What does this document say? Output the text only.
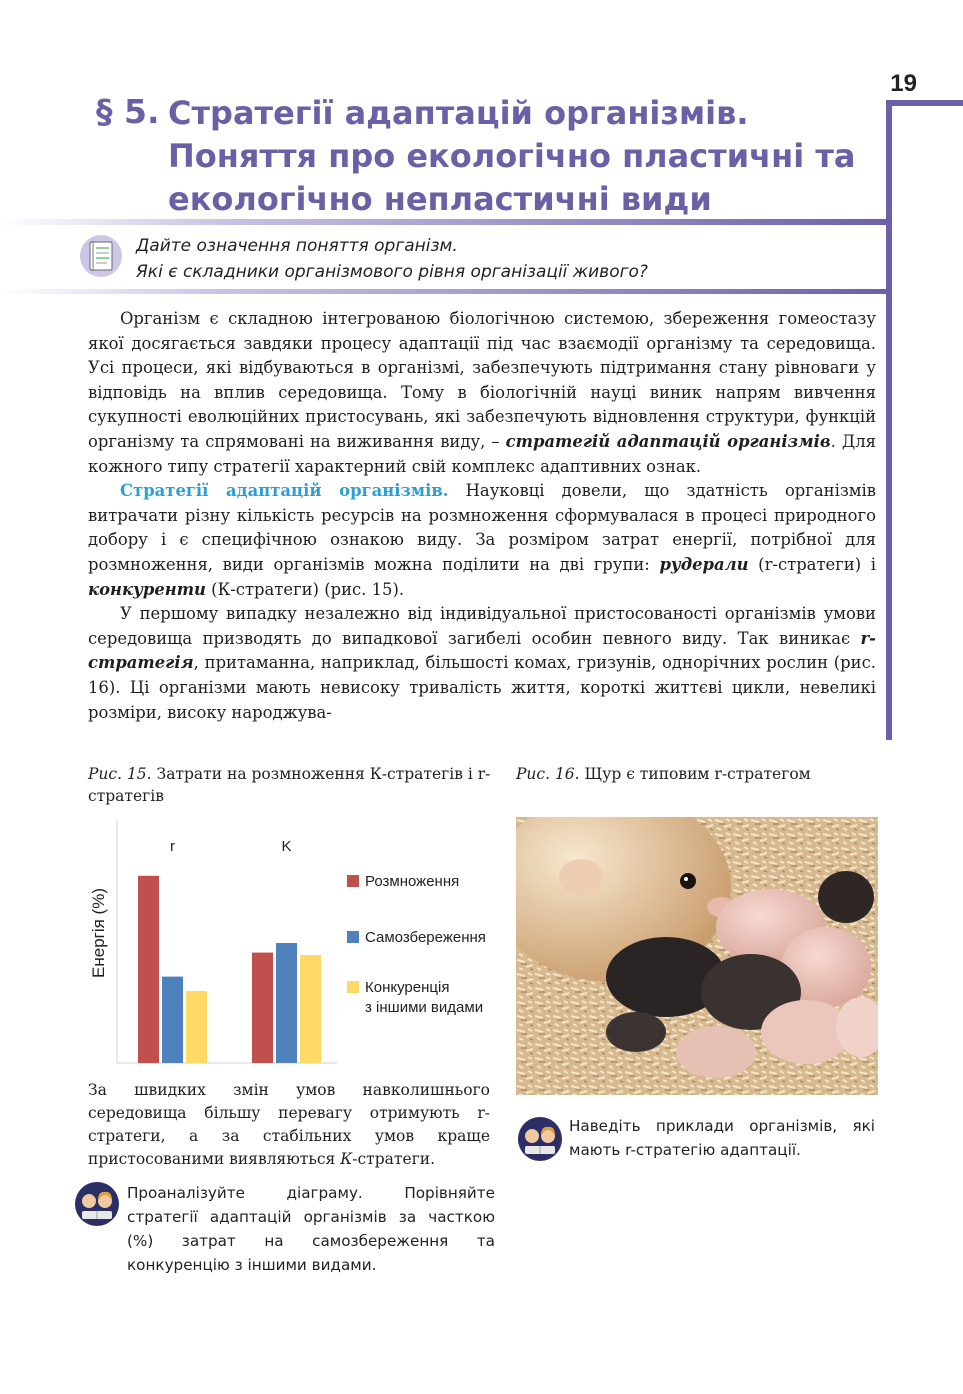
19
§ 5. Стратегії адаптацій організмів. Поняття про екологічно пластичні та екологічно непластичні види
Дайте означення поняття організм.
Які є складники організмового рівня організації живого?

Організм є складною інтегрованою біологічною системою, збереження гомеостазу якої досягається завдяки процесу адаптації під час взаємодії організму та середовища. Усі процеси, які відбуваються в організмі, забезпечують підтримання стану рівноваги у відповідь на вплив середовища. Тому в біологічній науці виник напрям вивчення сукупності еволюційних пристосувань, які забезпечують відновлення структури, функцій організму та спрямовані на виживання виду, – стратегій адаптацій організмів. Для кожного типу стратегії характерний свій комплекс адаптивних ознак.

Стратегії адаптацій організмів. Науковці довели, що здатність організмів витрачати різну кількість ресурсів на розмноження сформувалася в процесі природного добору і є специфічною ознакою виду. За розміром затрат енергії, потрібної для розмноження, види організмів можна поділити на дві групи: рудерали (r-стратеги) і конкуренти (К-стратеги) (рис. 15).

У першому випадку незалежно від індивідуальної пристосованості організмів умови середовища призводять до випадкової загибелі особин певного виду. Так виникає r-стратегія, притаманна, наприклад, більшості комах, гризунів, однорічних рослин (рис. 16). Ці організми мають невисоку тривалість життя, короткі життєві цикли, невеликі розміри, високу народжува-

Рис. 15. Затрати на розмноження К-стратегів і r-стратегів
Рис. 16. Щур є типовим r-стратегом
Енергія (%)
r	K
Розмноження
Самозбереження
Конкуренція з іншими видами
За швидких змін умов навколишнього середовища більшу перевагу отримують r-стратеги, а за стабільних умов краще пристосованими виявляються К-стратеги.
Проаналізуйте діаграму. Порівняйте стратегії адаптацій організмів за часткою (%) затрат на самозбереження та конкуренцію з іншими видами.
Наведіть приклади організмів, які мають r-стратегію адаптації.
